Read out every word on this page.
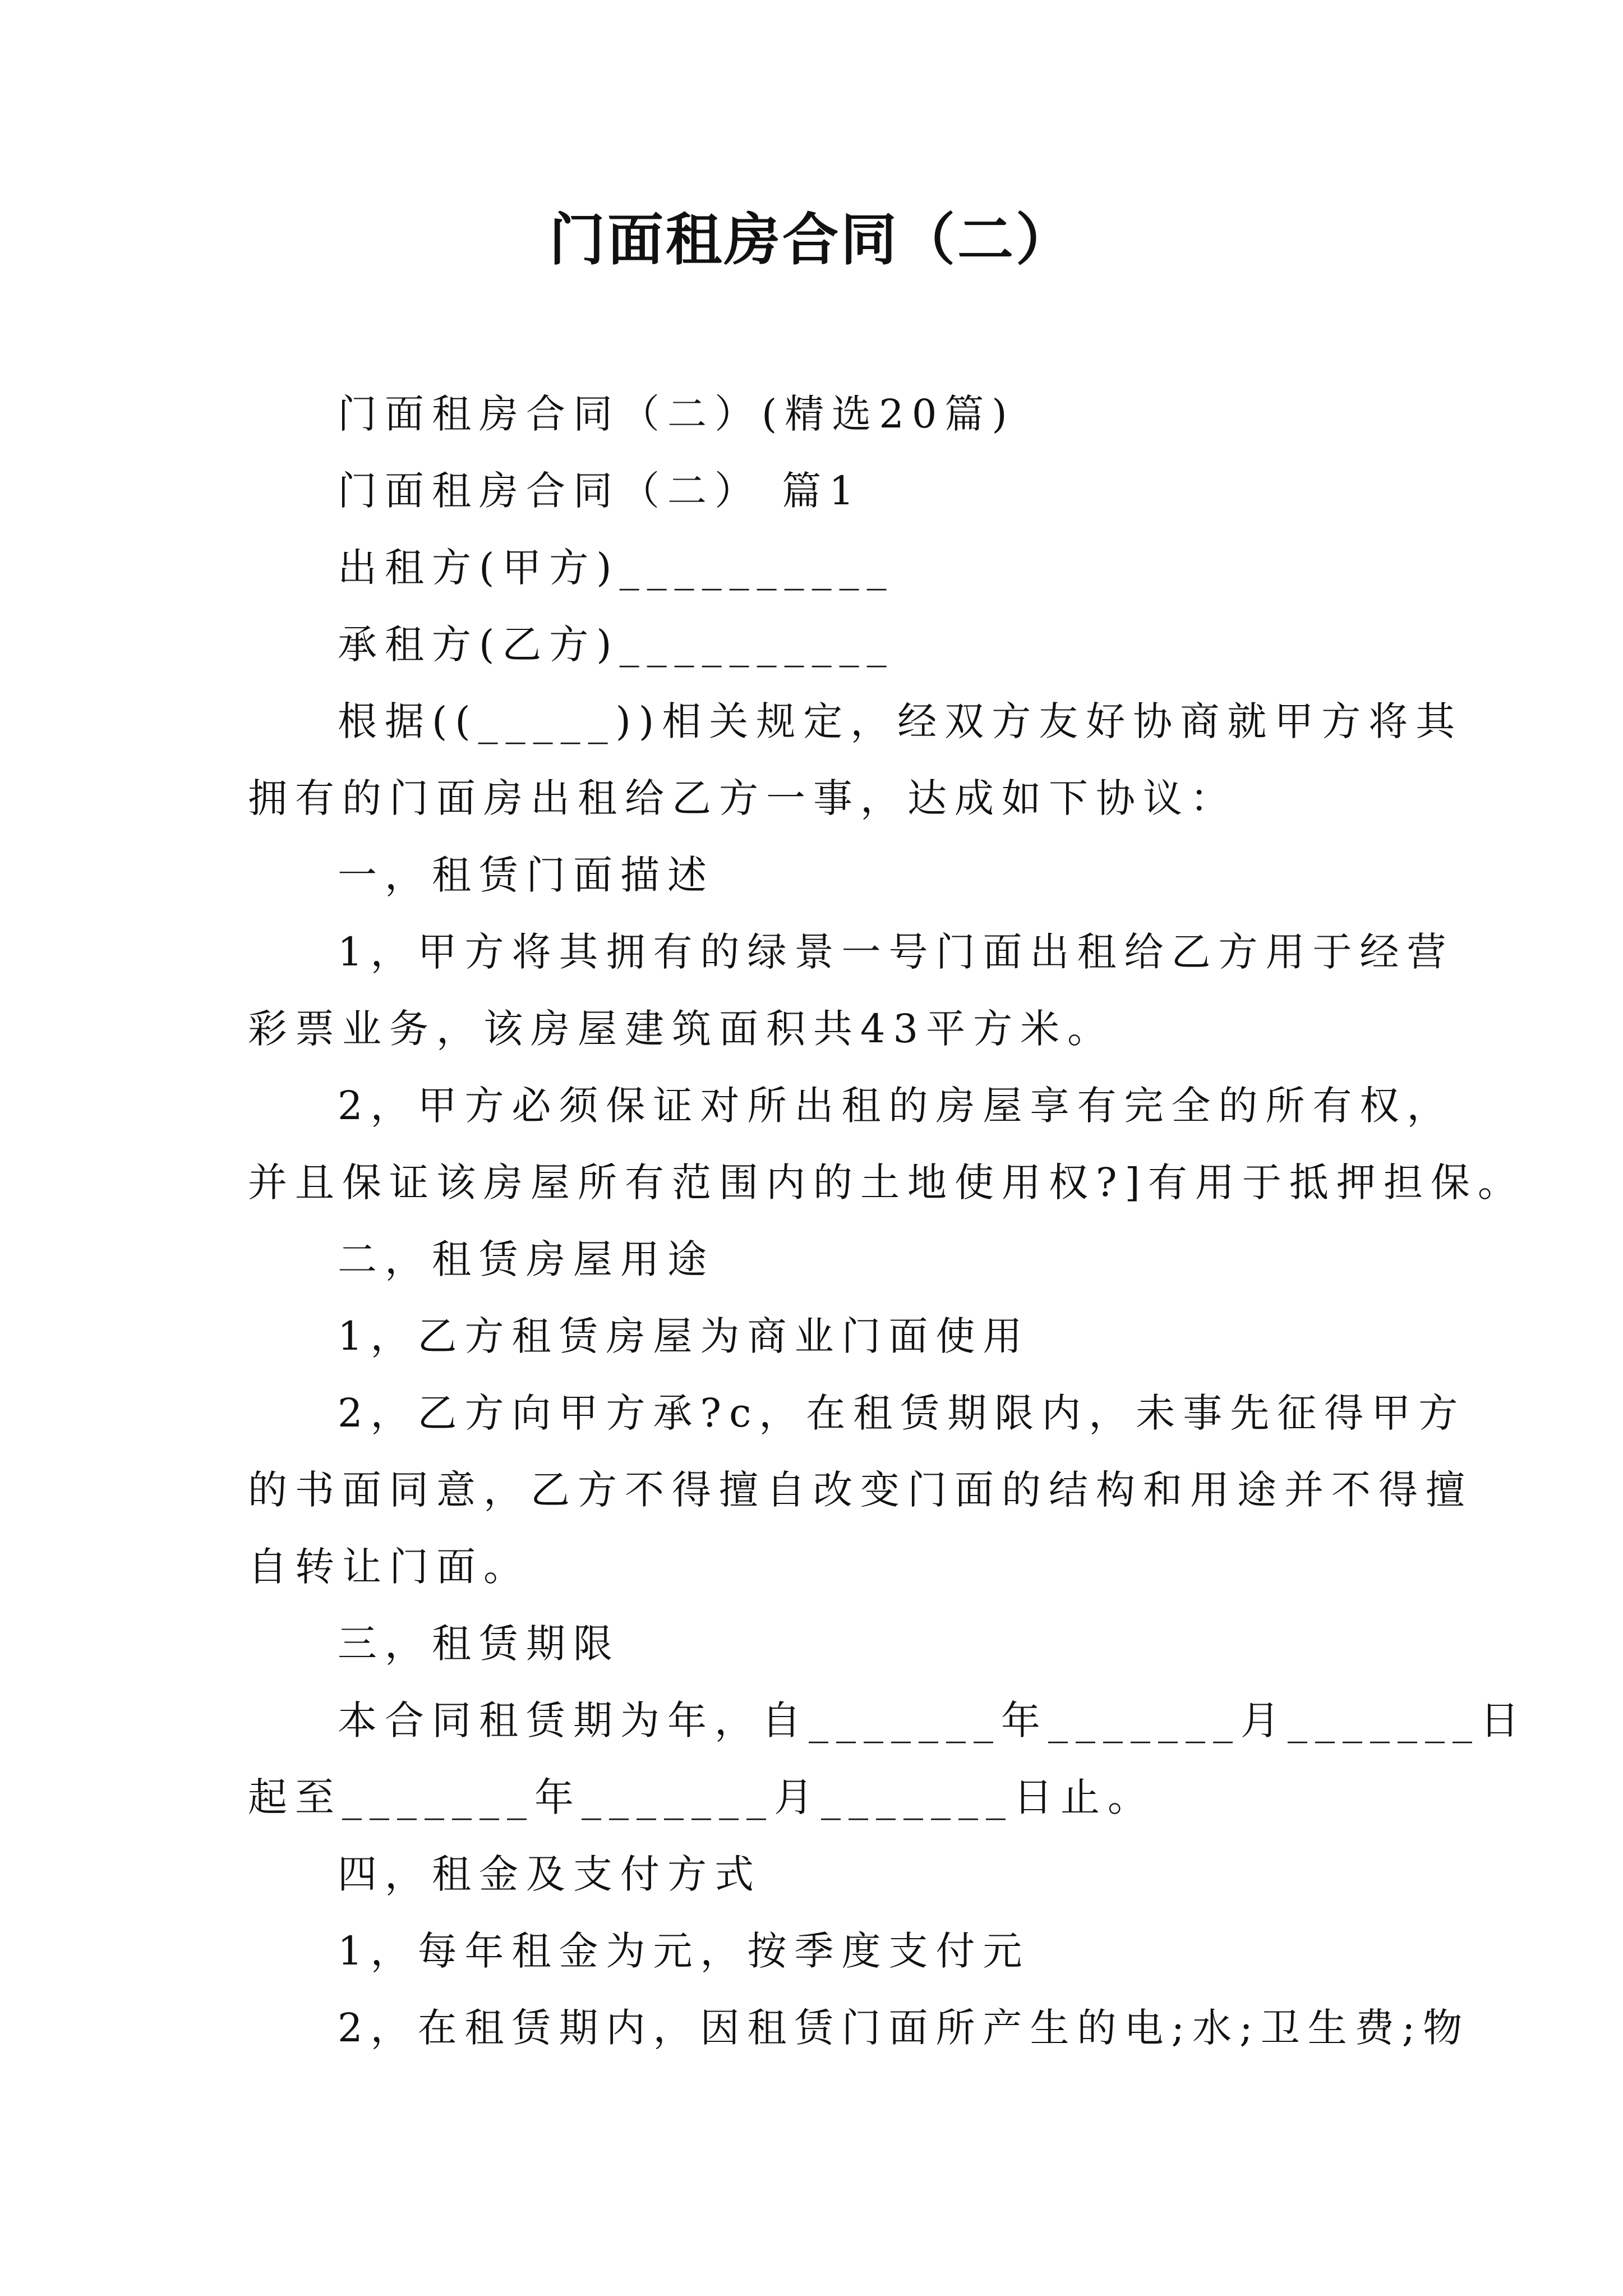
门面租房合同（二）

门面租房合同（二）(精选20篇)

门面租房合同（二） 篇1

出租方(甲方)__________

承租方(乙方)__________

根据((_____))相关规定，经双方友好协商就甲方将其

拥有的门面房出租给乙方一事，达成如下协议：

一，租赁门面描述

1，甲方将其拥有的绿景一号门面出租给乙方用于经营

彩票业务，该房屋建筑面积共43平方米。

2，甲方必须保证对所出租的房屋享有完全的所有权，

并且保证该房屋所有范围内的土地使用权?]有用于抵押担保。

二，租赁房屋用途

1，乙方租赁房屋为商业门面使用

2，乙方向甲方承?c，在租赁期限内，未事先征得甲方

的书面同意，乙方不得擅自改变门面的结构和用途并不得擅

自转让门面。

三，租赁期限

本合同租赁期为年，自_______年_______月_______日

起至_______年_______月_______日止。

四，租金及支付方式

1，每年租金为元，按季度支付元

2，在租赁期内，因租赁门面所产生的电;水;卫生费;物
